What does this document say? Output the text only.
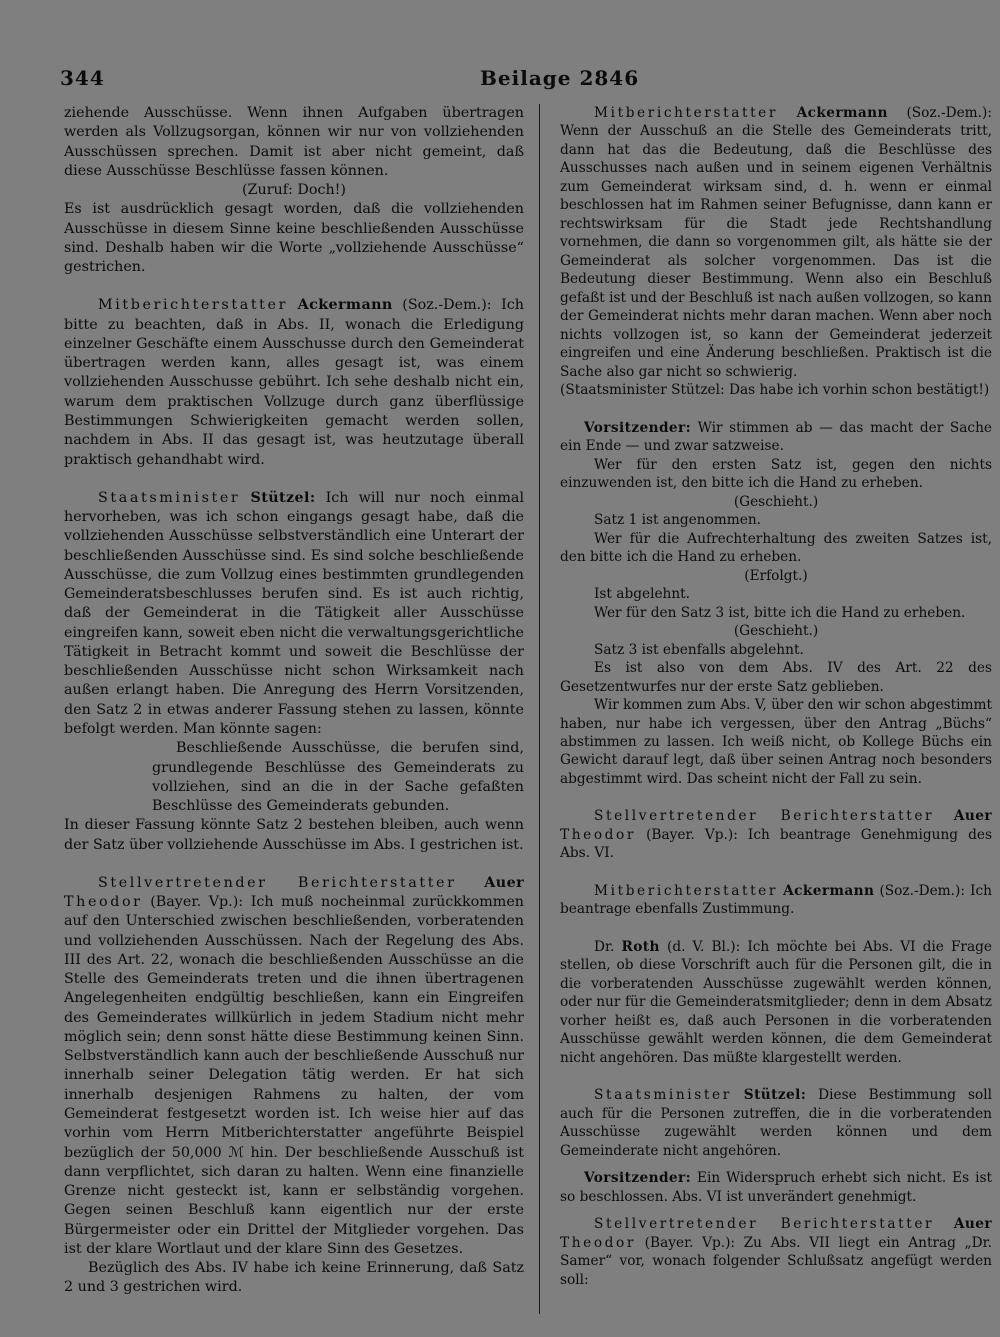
344	Beilage 2846

ziehende Ausschüsse. Wenn ihnen Aufgaben übertragen werden als Vollzugsorgan, können wir nur von vollziehenden Ausschüssen sprechen. Damit ist aber nicht gemeint, daß diese Ausschüsse Beschlüsse fassen können.

(Zuruf: Doch!)

Es ist ausdrücklich gesagt worden, daß die vollziehenden Ausschüsse in diesem Sinne keine beschließenden Ausschüsse sind. Deshalb haben wir die Worte „vollziehende Ausschüsse“ gestrichen.

Mitberichterstatter Ackermann (Soz.-Dem.): Ich bitte zu beachten, daß in Abs. II, wonach die Erledigung einzelner Geschäfte einem Ausschusse durch den Gemeinderat übertragen werden kann, alles gesagt ist, was einem vollziehenden Ausschusse gebührt. Ich sehe deshalb nicht ein, warum dem praktischen Vollzuge durch ganz überflüssige Bestimmungen Schwierigkeiten gemacht werden sollen, nachdem in Abs. II das gesagt ist, was heutzutage überall praktisch gehandhabt wird.

Staatsminister Stützel: Ich will nur noch einmal hervorheben, was ich schon eingangs gesagt habe, daß die vollziehenden Ausschüsse selbstverständlich eine Unterart der beschließenden Ausschüsse sind. Es sind solche beschließende Ausschüsse, die zum Vollzug eines bestimmten grundlegenden Gemeinderatsbeschlusses berufen sind. Es ist auch richtig, daß der Gemeinderat in die Tätigkeit aller Ausschüsse eingreifen kann, soweit eben nicht die verwaltungsgerichtliche Tätigkeit in Betracht kommt und soweit die Beschlüsse der beschließenden Ausschüsse nicht schon Wirksamkeit nach außen erlangt haben. Die Anregung des Herrn Vorsitzenden, den Satz 2 in etwas anderer Fassung stehen zu lassen, könnte befolgt werden. Man könnte sagen:

Beschließende Ausschüsse, die berufen sind, grundlegende Beschlüsse des Gemeinderats zu vollziehen, sind an die in der Sache gefaßten Beschlüsse des Gemeinderats gebunden.

In dieser Fassung könnte Satz 2 bestehen bleiben, auch wenn der Satz über vollziehende Ausschüsse im Abs. I gestrichen ist.

Stellvertretender Berichterstatter Auer Theodor (Bayer. Vp.): Ich muß nocheinmal zurückkommen auf den Unterschied zwischen beschließenden, vorberatenden und vollziehenden Ausschüssen. Nach der Regelung des Abs. III des Art. 22, wonach die beschließenden Ausschüsse an die Stelle des Gemeinderats treten und die ihnen übertragenen Angelegenheiten endgültig beschließen, kann ein Eingreifen des Gemeinderates willkürlich in jedem Stadium nicht mehr möglich sein; denn sonst hätte diese Bestimmung keinen Sinn. Selbstverständlich kann auch der beschließende Ausschuß nur innerhalb seiner Delegation tätig werden. Er hat sich innerhalb desjenigen Rahmens zu halten, der vom Gemeinderat festgesetzt worden ist. Ich weise hier auf das vorhin vom Herrn Mitberichterstatter angeführte Beispiel bezüglich der 50,000 ℳ hin. Der beschließende Ausschuß ist dann verpflichtet, sich daran zu halten. Wenn eine finanzielle Grenze nicht gesteckt ist, kann er selbständig vorgehen. Gegen seinen Beschluß kann eigentlich nur der erste Bürgermeister oder ein Drittel der Mitglieder vorgehen. Das ist der klare Wortlaut und der klare Sinn des Gesetzes.

Bezüglich des Abs. IV habe ich keine Erinnerung, daß Satz 2 und 3 gestrichen wird.

Mitberichterstatter Ackermann (Soz.-Dem.): Wenn der Ausschuß an die Stelle des Gemeinderats tritt, dann hat das die Bedeutung, daß die Beschlüsse des Ausschusses nach außen und in seinem eigenen Verhältnis zum Gemeinderat wirksam sind, d. h. wenn er einmal beschlossen hat im Rahmen seiner Befugnisse, dann kann er rechtswirksam für die Stadt jede Rechtshandlung vornehmen, die dann so vorgenommen gilt, als hätte sie der Gemeinderat als solcher vorgenommen. Das ist die Bedeutung dieser Bestimmung. Wenn also ein Beschluß gefaßt ist und der Beschluß ist nach außen vollzogen, so kann der Gemeinderat nichts mehr daran machen. Wenn aber noch nichts vollzogen ist, so kann der Gemeinderat jederzeit eingreifen und eine Änderung beschließen. Praktisch ist die Sache also gar nicht so schwierig.

(Staatsminister Stützel: Das habe ich vorhin schon bestätigt!)

Vorsitzender: Wir stimmen ab — das macht der Sache ein Ende — und zwar satzweise.

Wer für den ersten Satz ist, gegen den nichts einzuwenden ist, den bitte ich die Hand zu erheben.

(Geschieht.)

Satz 1 ist angenommen.

Wer für die Aufrechterhaltung des zweiten Satzes ist, den bitte ich die Hand zu erheben.

(Erfolgt.)

Ist abgelehnt.

Wer für den Satz 3 ist, bitte ich die Hand zu erheben.

(Geschieht.)

Satz 3 ist ebenfalls abgelehnt.

Es ist also von dem Abs. IV des Art. 22 des Gesetzentwurfes nur der erste Satz geblieben.

Wir kommen zum Abs. V, über den wir schon abgestimmt haben, nur habe ich vergessen, über den Antrag „Büchs“ abstimmen zu lassen. Ich weiß nicht, ob Kollege Büchs ein Gewicht darauf legt, daß über seinen Antrag noch besonders abgestimmt wird. Das scheint nicht der Fall zu sein.

Stellvertretender Berichterstatter Auer Theodor (Bayer. Vp.): Ich beantrage Genehmigung des Abs. VI.

Mitberichterstatter Ackermann (Soz.-Dem.): Ich beantrage ebenfalls Zustimmung.

Dr. Roth (d. V. Bl.): Ich möchte bei Abs. VI die Frage stellen, ob diese Vorschrift auch für die Personen gilt, die in die vorberatenden Ausschüsse zugewählt werden können, oder nur für die Gemeinderatsmitglieder; denn in dem Absatz vorher heißt es, daß auch Personen in die vorberatenden Ausschüsse gewählt werden können, die dem Gemeinderat nicht angehören. Das müßte klargestellt werden.

Staatsminister Stützel: Diese Bestimmung soll auch für die Personen zutreffen, die in die vorberatenden Ausschüsse zugewählt werden können und dem Gemeinderate nicht angehören.

Vorsitzender: Ein Widerspruch erhebt sich nicht. Es ist so beschlossen. Abs. VI ist unverändert genehmigt.

Stellvertretender Berichterstatter Auer Theodor (Bayer. Vp.): Zu Abs. VII liegt ein Antrag „Dr. Samer“ vor, wonach folgender Schlußsatz angefügt werden soll:
